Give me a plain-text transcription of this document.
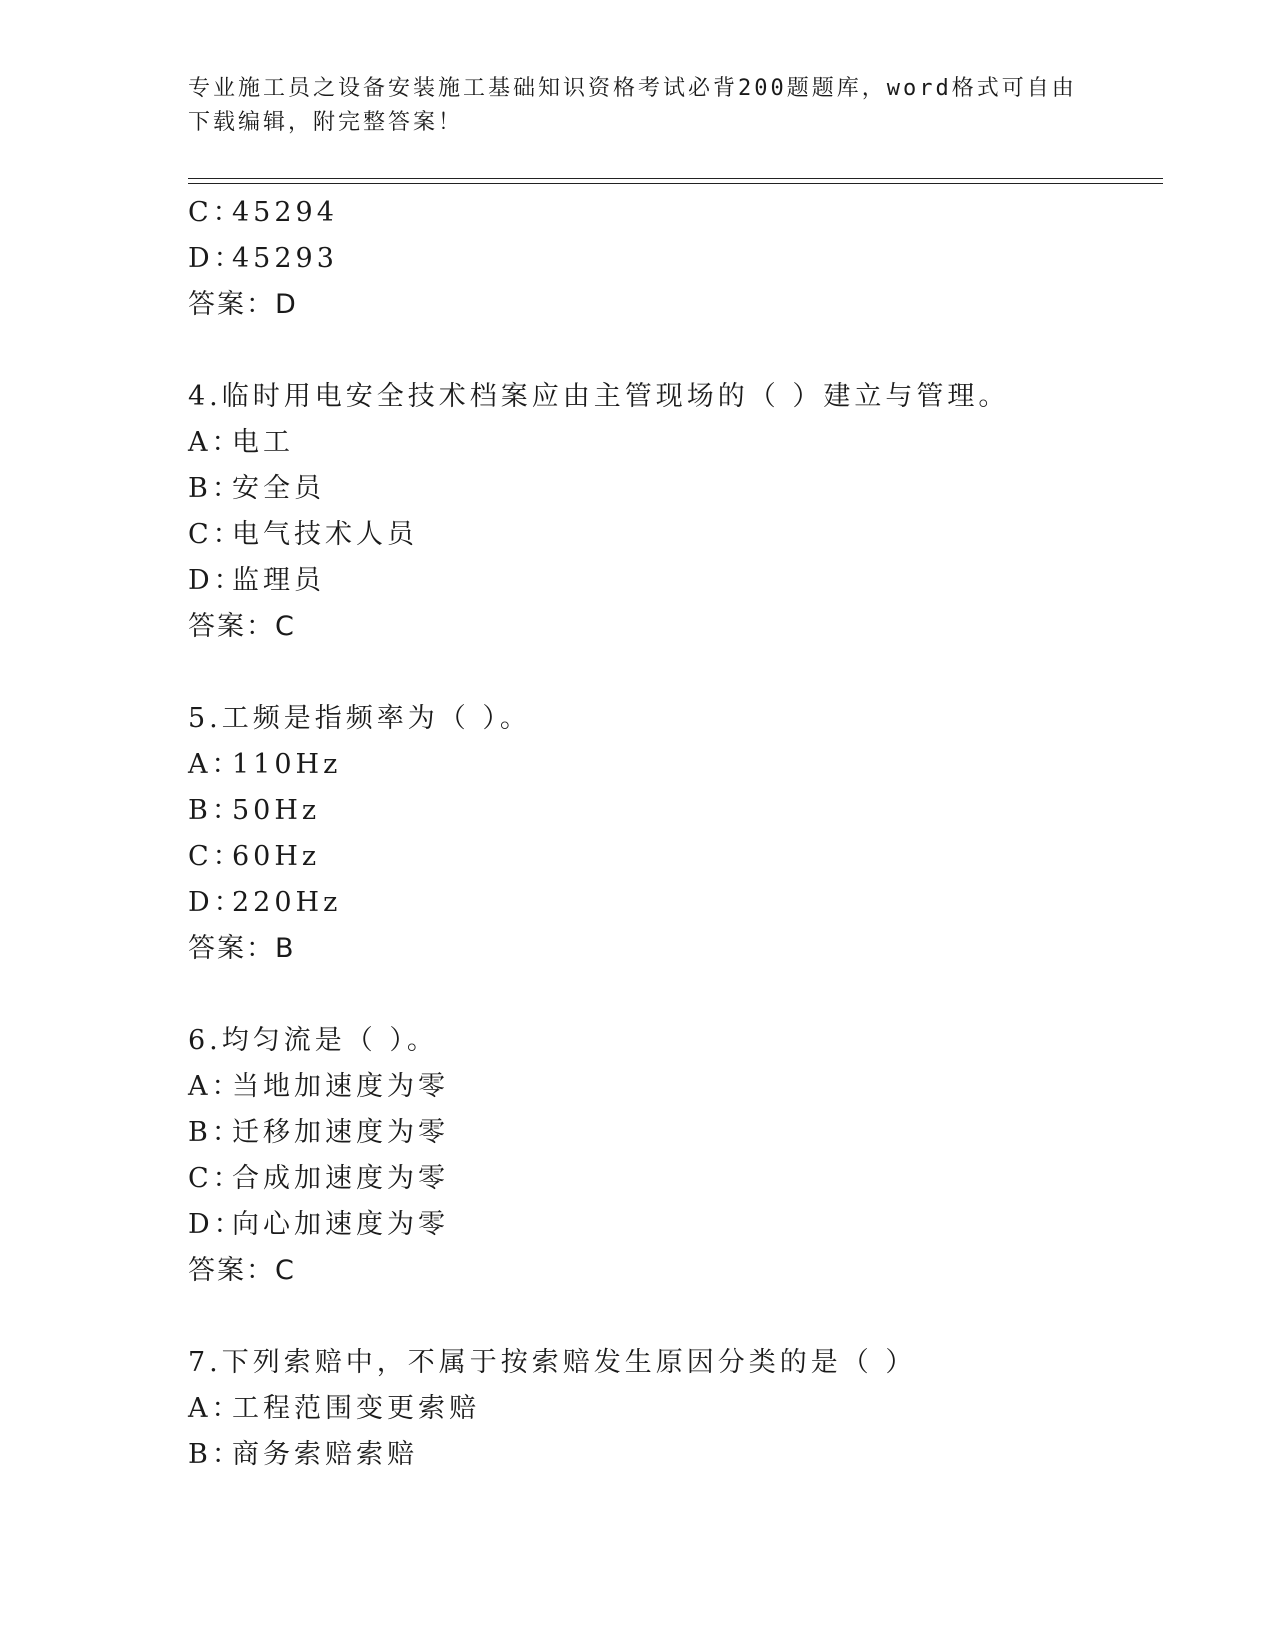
专业施工员之设备安装施工基础知识资格考试必背200题题库，word格式可自由
下载编辑，附完整答案！
C：45294
D：45293
答案：D
4.临时用电安全技术档案应由主管现场的（ ）建立与管理。
A：电工
B：安全员
C：电气技术人员
D：监理员
答案：C
5.工频是指频率为（ ）。
A：110Hz
B：50Hz
C：60Hz
D：220Hz
答案：B
6.均匀流是（ ）。
A：当地加速度为零
B：迁移加速度为零
C：合成加速度为零
D：向心加速度为零
答案：C
7.下列索赔中，不属于按索赔发生原因分类的是（ ）
A：工程范围变更索赔
B：商务索赔索赔
